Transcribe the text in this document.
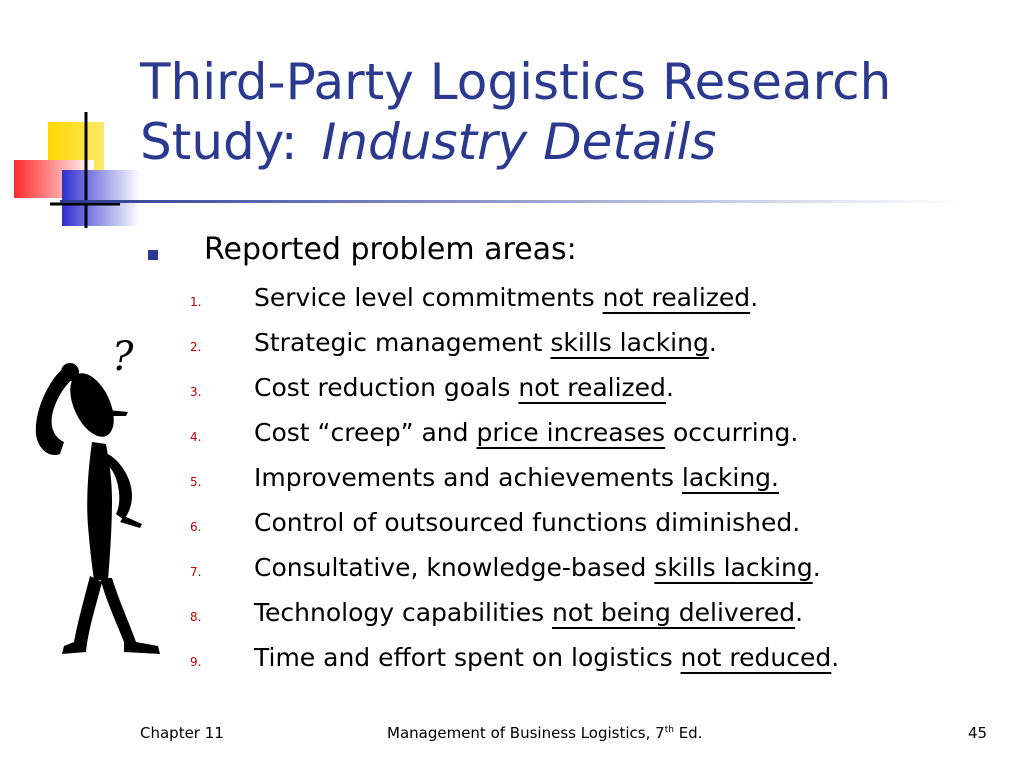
Third-Party Logistics Research
Study: Industry Details
Reported problem areas:
1. Service level commitments not realized.
2. Strategic management skills lacking.
3. Cost reduction goals not realized.
4. Cost “creep” and price increases occurring.
5. Improvements and achievements lacking.
6. Control of outsourced functions diminished.
7. Consultative, knowledge-based skills lacking.
8. Technology capabilities not being delivered.
9. Time and effort spent on logistics not reduced.
?
Chapter 11	Management of Business Logistics, 7th Ed.	45
